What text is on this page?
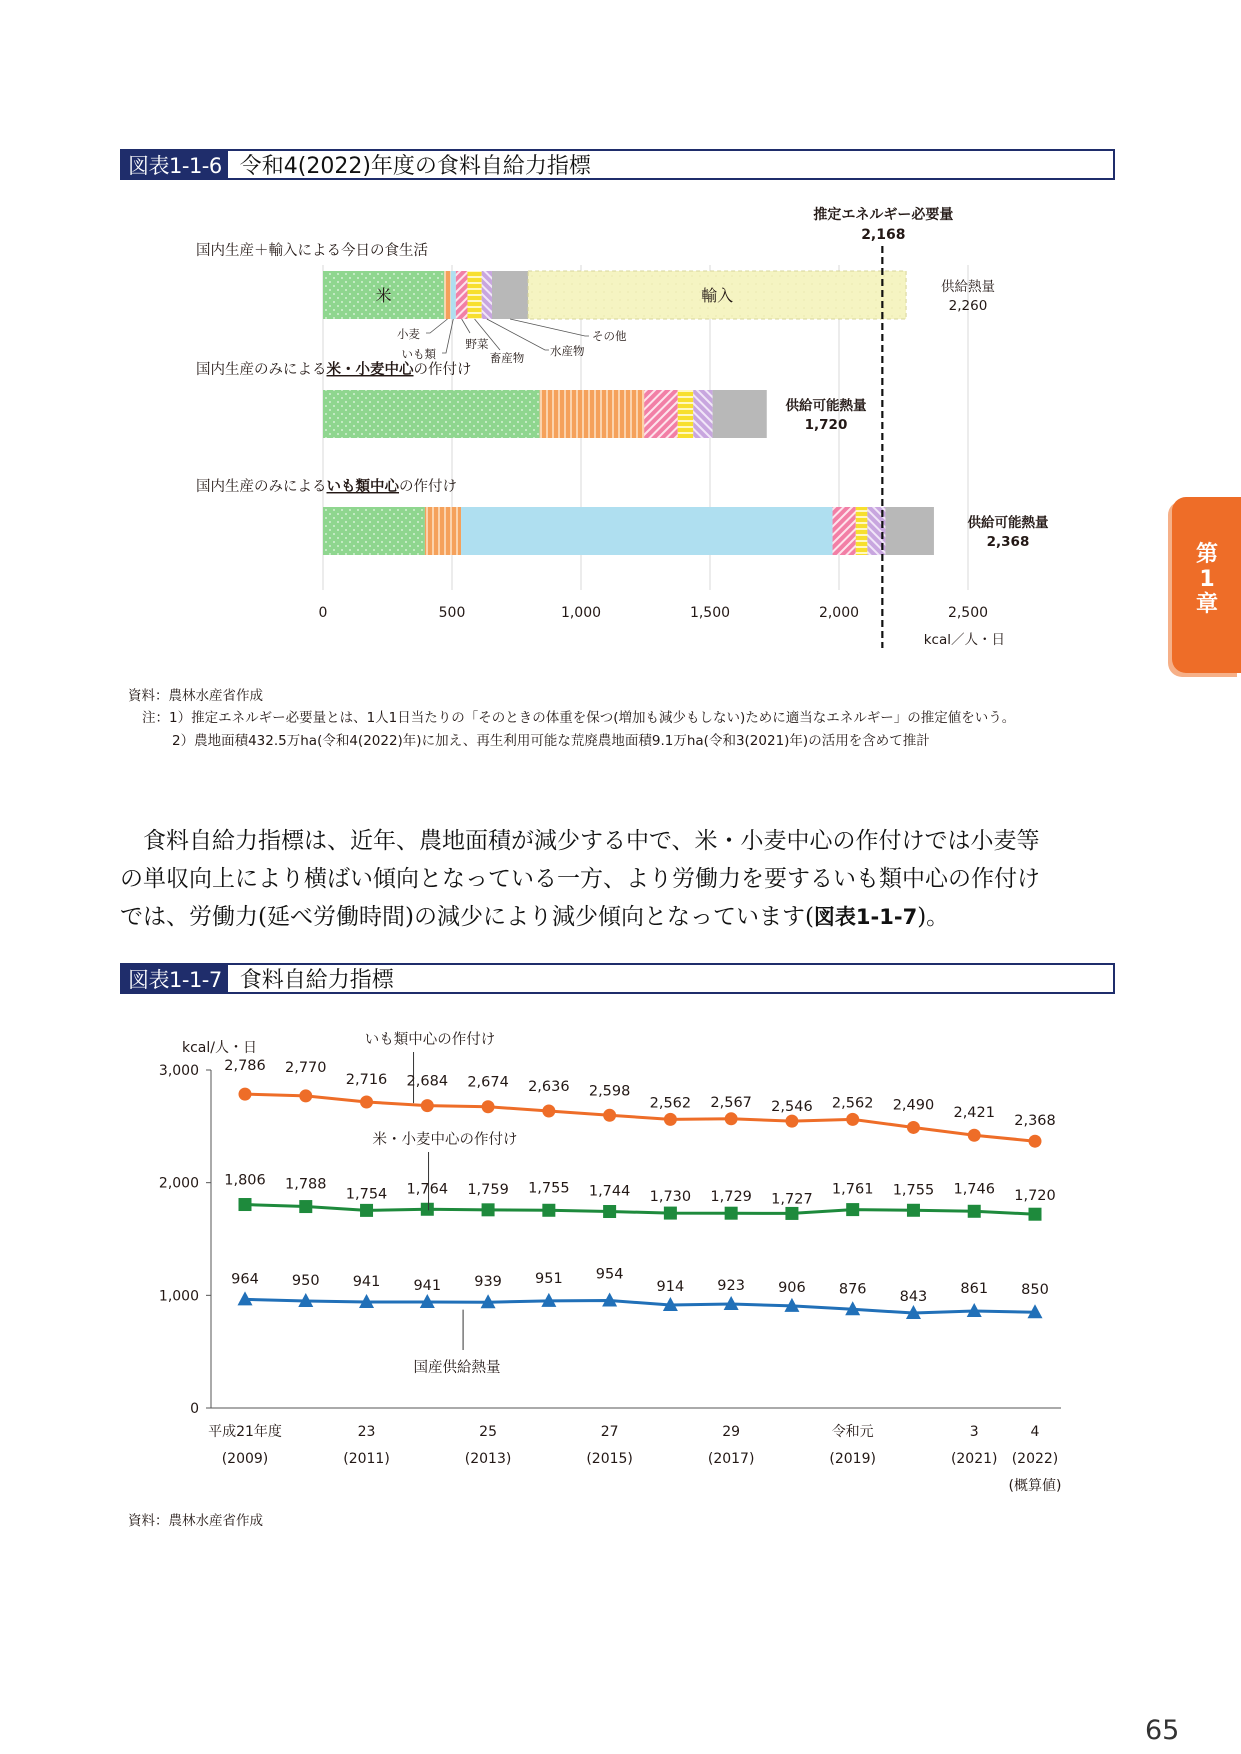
図表1-1-6 令和4(2022)年度の食料自給力指標
0	500	1,000	1,500	2,000	2,500
米	輸入
国内生産＋輸入による今日の食生活
供給熱量
2,260
国内生産のみによる米・小麦中心の作付け
供給可能熱量
1,720
国内生産のみによるいも類中心の作付け
供給可能熱量
2,368
小麦
いも類
野菜
畜産物 水産物
その他
推定エネルギー必要量
2,168
kcal／人・日
資料：農林水産省作成
注：1）推定エネルギー必要量とは、1人1日当たりの「そのときの体重を保つ(増加も減少もしない)ために適当なエネルギー」の推定値をいう。
2）農地面積432.5万ha(令和4(2022)年)に加え、再生利用可能な荒廃農地面積9.1万ha(令和3(2021)年)の活用を含めて推計

　食料自給力指標は、近年、農地面積が減少する中で、米・小麦中心の作付けでは小麦等

の単収向上により横ばい傾向となっている一方、より労働力を要するいも類中心の作付け

では、労働力(延べ労働時間)の減少により減少傾向となっています(図表1-1-7)。

図表1-1-7 食料自給力指標
0
1,000
2,000
3,000
kcal/人・日
平成21年度
(2009)
23
(2011)
25
(2013)
27
(2015)
29
(2017)
令和元
(2019)
3
(2021)
4
(2022)
(概算値)
2,786 2,770
2,716 2,684 2,674 2,636 2,598
2,562 2,567 2,546 2,562 2,490 2,421 2,368
1,806 1,788
1,754 1,764 1,759 1,755 1,744 1,730 1,729 1,727
1,761 1,755 1,746 1,720
964 950 941 941 939 951 954
914 923 906 876 843
861 850
いも類中心の作付け
米・小麦中心の作付け
国産供給熱量
資料：農林水産省作成
第
1
章
65
